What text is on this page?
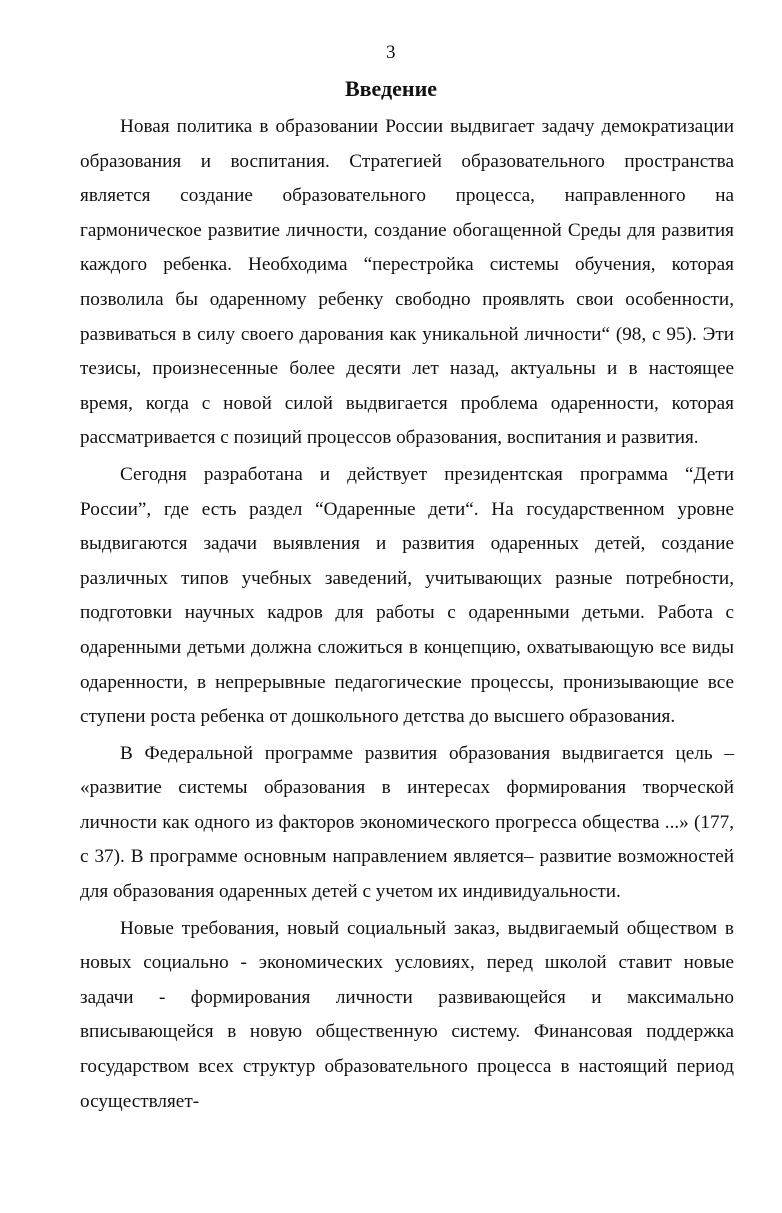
3
Введение

Новая политика в образовании России выдвигает задачу демократизации образования и воспитания. Стратегией образовательного пространства является создание образовательного процесса, направленного на гармоническое развитие личности, создание обогащенной Среды для развития каждого ребенка. Необходима “перестройка системы обучения, которая позволила бы одаренному ребенку свободно проявлять свои особенности, развиваться в силу своего дарования как уникальной личности“ (98, с 95). Эти тезисы, произнесенные более десяти лет назад, актуальны и в настоящее время, когда с новой силой выдвигается проблема одаренности, которая рассматривается с позиций процессов образования, воспитания и развития.

Сегодня разработана и действует президентская программа “Дети России”, где есть раздел “Одаренные дети“. На государственном уровне выдвигаются задачи выявления и развития одаренных детей, создание различных типов учебных заведений, учитывающих разные потребности, подготовки научных кадров для работы с одаренными детьми. Работа с одаренными детьми должна сложиться в концепцию, охватывающую все виды одаренности, в непрерывные педагогические процессы, пронизывающие все ступени роста ребенка от дошкольного детства до высшего образования.

В Федеральной программе развития образования выдвигается цель – «развитие системы образования в интересах формирования творческой личности как одного из факторов экономического прогресса общества ...» (177, с 37). В программе основным направлением является– развитие возможностей для образования одаренных детей с учетом их индивидуальности.

Новые требования, новый социальный заказ, выдвигаемый обществом в новых социально - экономических условиях, перед школой ставит новые задачи - формирования личности развивающейся и максимально вписывающейся в новую общественную систему. Финансовая поддержка государством всех структур образовательного процесса в настоящий период осуществляет-
